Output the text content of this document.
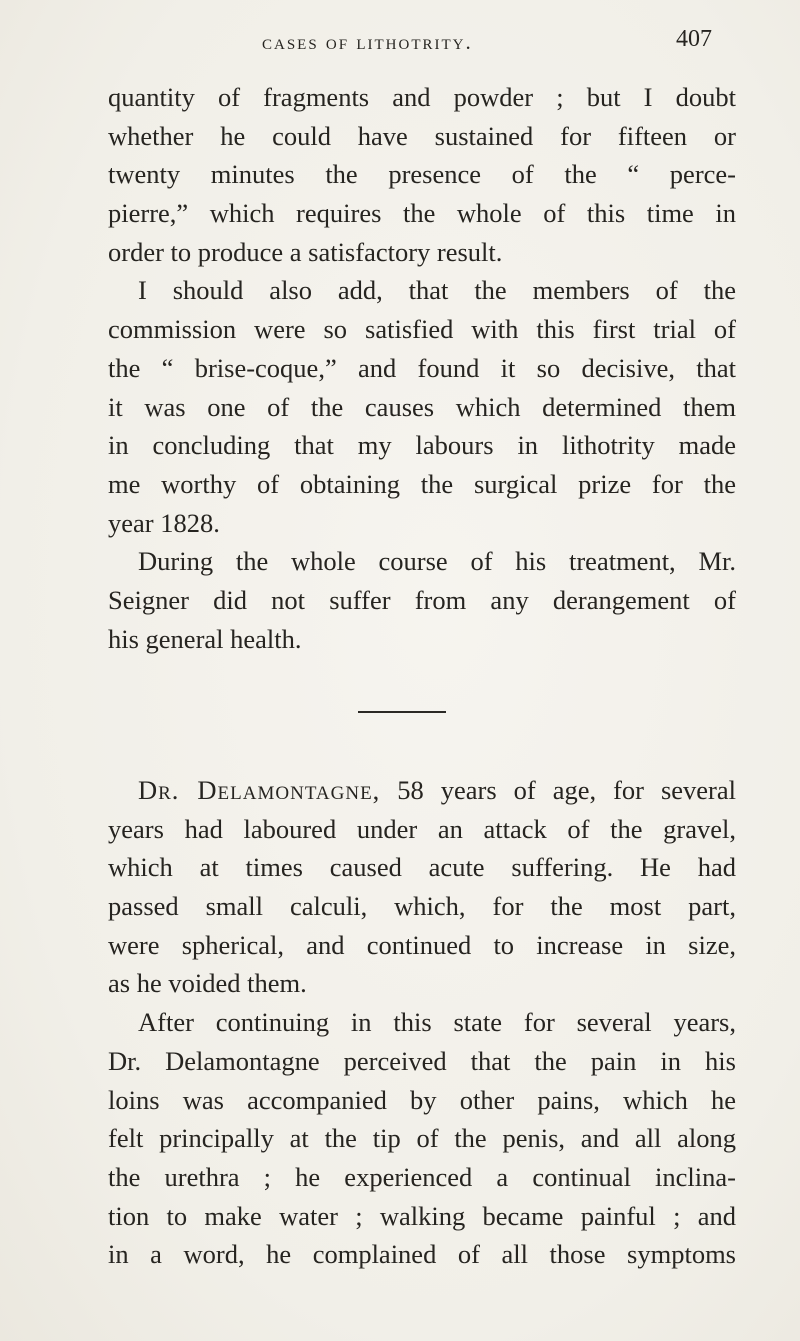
cases of lithotrity.	407
quantity of fragments and powder ; but I doubt
whether he could have sustained for fifteen or
twenty minutes the presence of the “ perce-
pierre,” which requires the whole of this time in
order to produce a satisfactory result.
I should also add, that the members of the
commission were so satisfied with this first trial of
the “ brise-coque,” and found it so decisive, that
it was one of the causes which determined them
in concluding that my labours in lithotrity made
me worthy of obtaining the surgical prize for the
year 1828.
During the whole course of his treatment, Mr.
Seigner did not suffer from any derangement of
his general health.
Dr. Delamontagne, 58 years of age, for several
years had laboured under an attack of the gravel,
which at times caused acute suffering. He had
passed small calculi, which, for the most part,
were spherical, and continued to increase in size,
as he voided them.
After continuing in this state for several years,
Dr. Delamontagne perceived that the pain in his
loins was accompanied by other pains, which he
felt principally at the tip of the penis, and all along
the urethra ; he experienced a continual inclina-
tion to make water ; walking became painful ; and
in a word, he complained of all those symptoms
